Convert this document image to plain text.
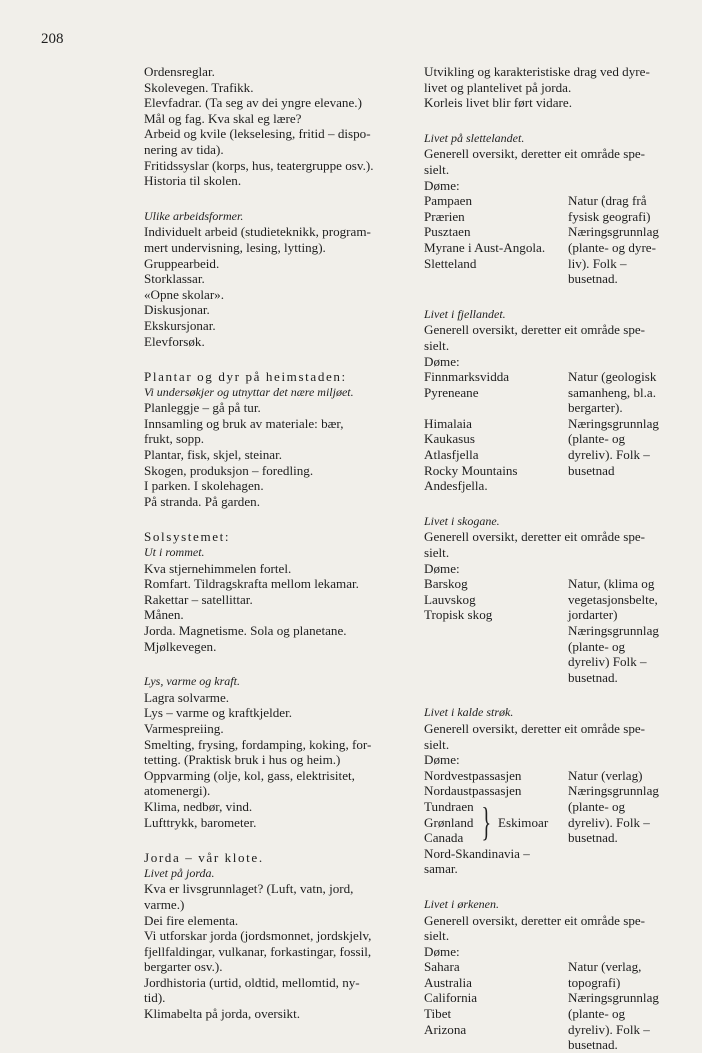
208
Ordensreglar.
Skolevegen. Trafikk.
Elevfadrar. (Ta seg av dei yngre elevane.)
Mål og fag. Kva skal eg lære?
Arbeid og kvile (lekselesing, fritid – dispo-
nering av tida).
Fritidssyslar (korps, hus, teatergruppe osv.).
Historia til skolen.
Ulike arbeidsformer.
Individuelt arbeid (studieteknikk, program-
mert undervisning, lesing, lytting).
Gruppearbeid.
Storklassar.
«Opne skolar».
Diskusjonar.
Ekskursjonar.
Elevforsøk.
Plantar og dyr på heimstaden:
Vi undersøkjer og utnyttar det nære miljøet.
Planleggje – gå på tur.
Innsamling og bruk av materiale: bær,
frukt, sopp.
Plantar, fisk, skjel, steinar.
Skogen, produksjon – foredling.
I parken. I skolehagen.
På stranda. På garden.
Solsystemet:
Ut i rommet.
Kva stjernehimmelen fortel.
Romfart. Tildragskrafta mellom lekamar.
Rakettar – satellittar.
Månen.
Jorda. Magnetisme. Sola og planetane.
Mjølkevegen.
Lys, varme og kraft.
Lagra solvarme.
Lys – varme og kraftkjelder.
Varmespreiing.
Smelting, frysing, fordamping, koking, for-
tetting. (Praktisk bruk i hus og heim.)
Oppvarming (olje, kol, gass, elektrisitet,
atomenergi).
Klima, nedbør, vind.
Lufttrykk, barometer.
Jorda – vår klote.
Livet på jorda.
Kva er livsgrunnlaget? (Luft, vatn, jord,
varme.)
Dei fire elementa.
Vi utforskar jorda (jordsmonnet, jordskjelv,
fjellfaldingar, vulkanar, forkastingar, fossil,
bergarter osv.).
Jordhistoria (urtid, oldtid, mellomtid, ny-
tid).
Klimabelta på jorda, oversikt.
Utvikling og karakteristiske drag ved dyre-
livet og plantelivet på jorda.
Korleis livet blir ført vidare.
Livet på slettelandet.
Generell oversikt, deretter eit område spe-
sielt.
Døme:
Pampaen
Prærien
Pusztaen
Myrane i Aust-Angola.
Sletteland
Natur (drag frå
fysisk geografi)
Næringsgrunnlag
(plante- og dyre-
liv). Folk –
busetnad.
Livet i fjellandet.
Generell oversikt, deretter eit område spe-
sielt.
Døme:
Finnmarksvidda
Pyreneane
Himalaia
Kaukasus
Atlasfjella
Rocky Mountains
Andesfjella.
Natur (geologisk
samanheng, bl.a.
bergarter).
Næringsgrunnlag
(plante- og
dyreliv). Folk –
busetnad
Livet i skogane.
Generell oversikt, deretter eit område spe-
sielt.
Døme:
Barskog
Lauvskog
Tropisk skog
Natur, (klima og
vegetasjonsbelte,
jordarter)
Næringsgrunnlag
(plante- og
dyreliv) Folk –
busetnad.
Livet i kalde strøk.
Generell oversikt, deretter eit område spe-
sielt.
Døme:
Nordvestpassasjen
Nordaustpassasjen
Tundraen
Grønland
Canada } Eskimoar
Nord-Skandinavia –
samar.
Natur (verlag)
Næringsgrunnlag
(plante- og
dyreliv). Folk –
busetnad.
Livet i ørkenen.
Generell oversikt, deretter eit område spe-
sielt.
Døme:
Sahara
Australia
California
Tibet
Arizona
Natur (verlag,
topografi)
Næringsgrunnlag
(plante- og
dyreliv). Folk –
busetnad.
